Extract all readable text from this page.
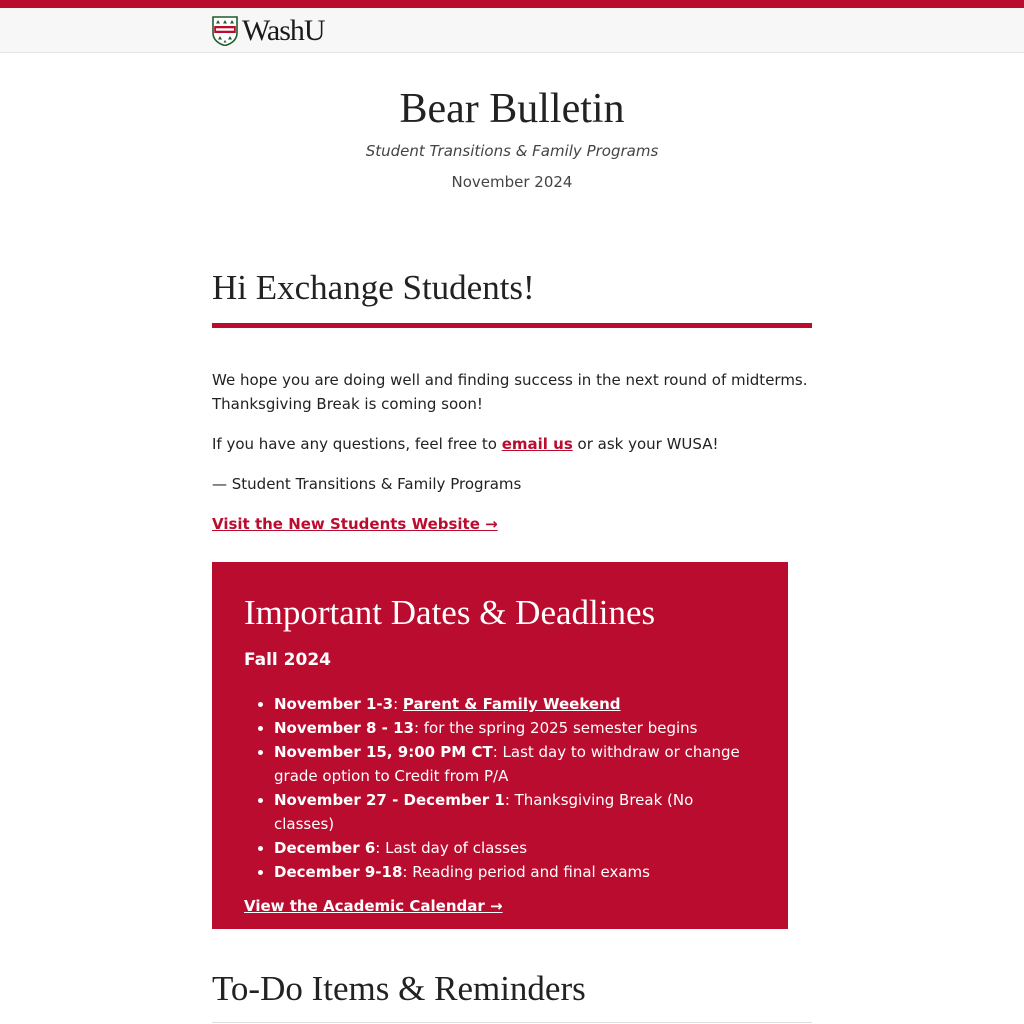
WashU
Bear Bulletin
Student Transitions & Family Programs
November 2024
Hi Exchange Students!
We hope you are doing well and finding success in the next round of midterms. Thanksgiving Break is coming soon!
If you have any questions, feel free to email us or ask your WUSA!
— Student Transitions & Family Programs
Visit the New Students Website →
Important Dates & Deadlines
Fall 2024
• November 1-3: Parent & Family Weekend
• November 8 - 13: for the spring 2025 semester begins
• November 15, 9:00 PM CT: Last day to withdraw or change grade option to Credit from P/A
• November 27 - December 1: Thanksgiving Break (No classes)
• December 6: Last day of classes
• December 9-18: Reading period and final exams
View the Academic Calendar →
To-Do Items & Reminders
